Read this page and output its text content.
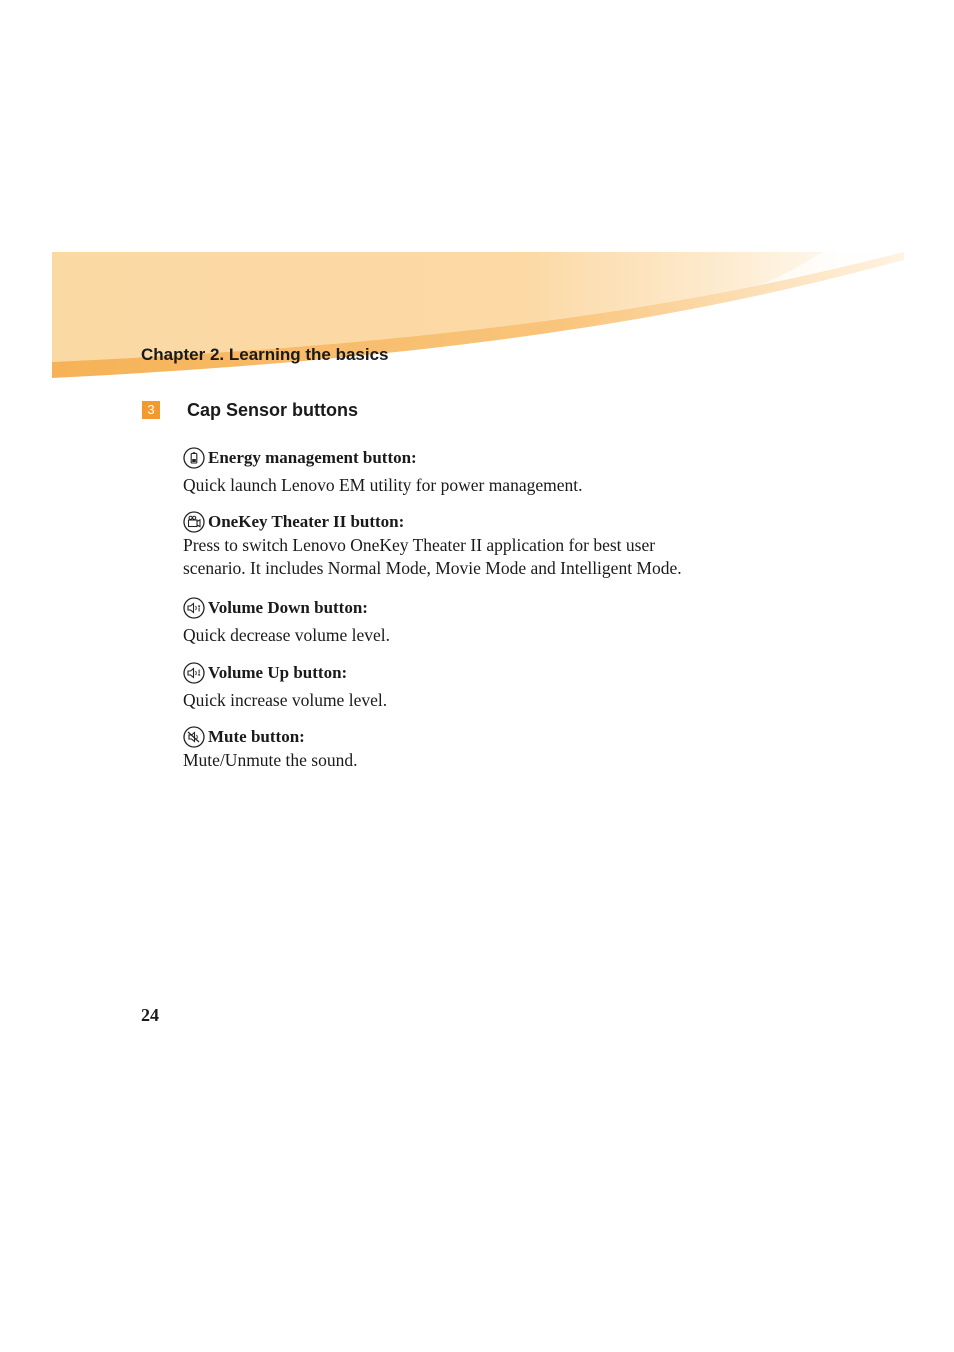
Chapter 2. Learning the basics
3 Cap Sensor buttons
Energy management button:

Quick launch Lenovo EM utility for power management.

OneKey Theater II button:

Press to switch Lenovo OneKey Theater II application for best user

scenario. It includes Normal Mode, Movie Mode and Intelligent Mode.

Volume Down button:

Quick decrease volume level.

Volume Up button:

Quick increase volume level.

Mute button:

Mute/Unmute the sound.

24
